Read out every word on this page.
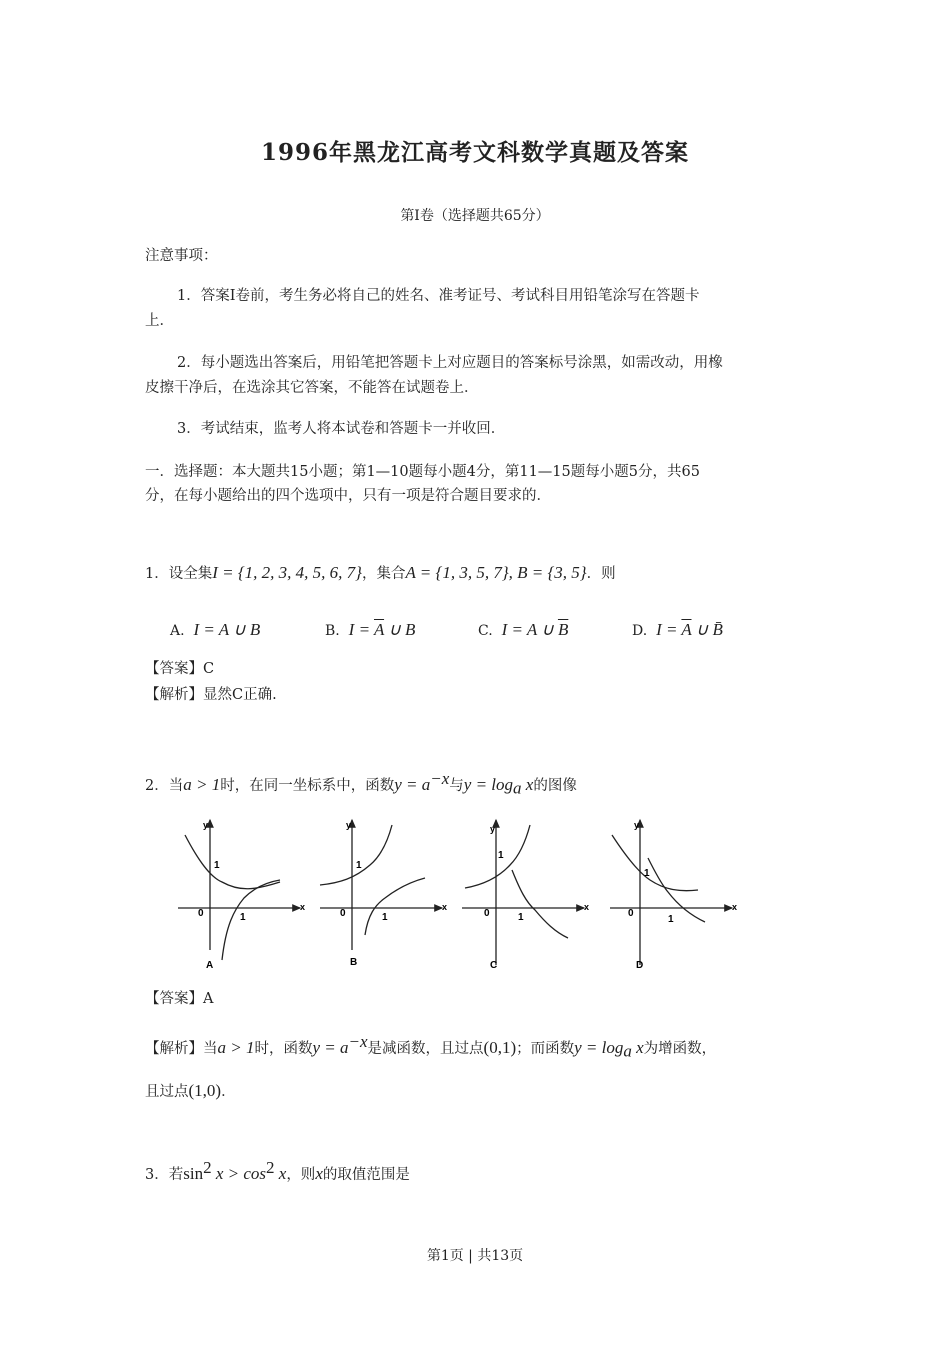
1996年黑龙江高考文科数学真题及答案
第Ⅰ卷（选择题共65分）
注意事项：
1．答案Ⅰ卷前，考生务必将自己的姓名、准考证号、考试科目用铅笔涂写在答题卡
上．
2．每小题选出答案后，用铅笔把答题卡上对应题目的答案标号涂黑，如需改动，用橡
皮擦干净后，在选涂其它答案，不能答在试题卷上．
3．考试结束，监考人将本试卷和答题卡一并收回．
一．选择题：本大题共15小题；第1—10题每小题4分，第11—15题每小题5分，共65
分，在每小题给出的四个选项中，只有一项是符合题目要求的．
1．设全集I = {1, 2, 3, 4, 5, 6, 7}，集合A = {1, 3, 5, 7}, B = {3, 5}．则
A. I = A ∪ B	B. $I = \overline{A}$ ∪ B	C. I = A ∪ $\overline{B}$	D. $I = \overline{A}$ ∪ B̄
【答案】C
【解析】显然C正确.
2．当a > 1时，在同一坐标系中，函数$y = a^{-x}$与$y = \log_a x$的图像
y
x
0
1
1
A
y
x
0
1
1
B
y
x
0
1
1
C
y
x
0
1
1
D
【答案】A
【解析】当a > 1时，函数$y = a^{-x}$是减函数，且过点(0,1)；而函数$y = \log_a x$为增函数，
且过点(1,0)．
3．若$\sin^2 x > \cos^2 x$，则x的取值范围是
第1页 | 共13页
